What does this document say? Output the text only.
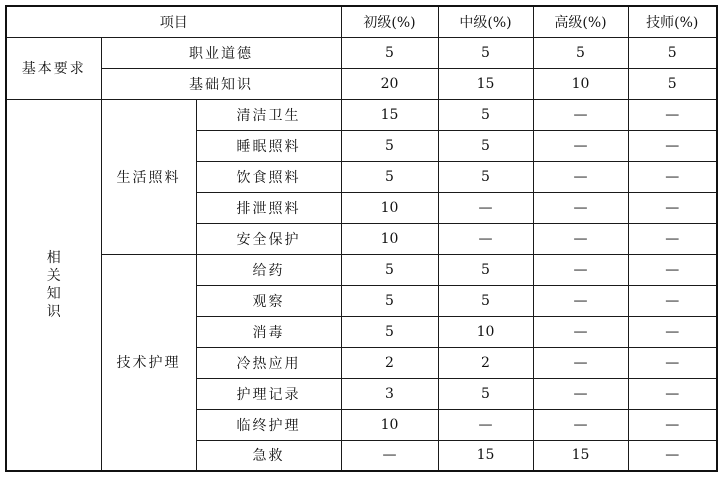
项目			初级(%)	中级(%)	高级(%)	技师(%)
基本要求	职业道德		5	5	5	5
	基础知识		20	15	10	5
相关知识	生活照料	清洁卫生	15	5	—	—
		睡眠照料	5	5	—	—
		饮食照料	5	5	—	—
		排泄照料	10	—	—	—
		安全保护	10	—	—	—
	技术护理	给药	5	5	—	—
		观察	5	5	—	—
		消毒	5	10	—	—
		冷热应用	2	2	—	—
		护理记录	3	5	—	—
		临终护理	10	—	—	—
		急救	—	15	15	—
